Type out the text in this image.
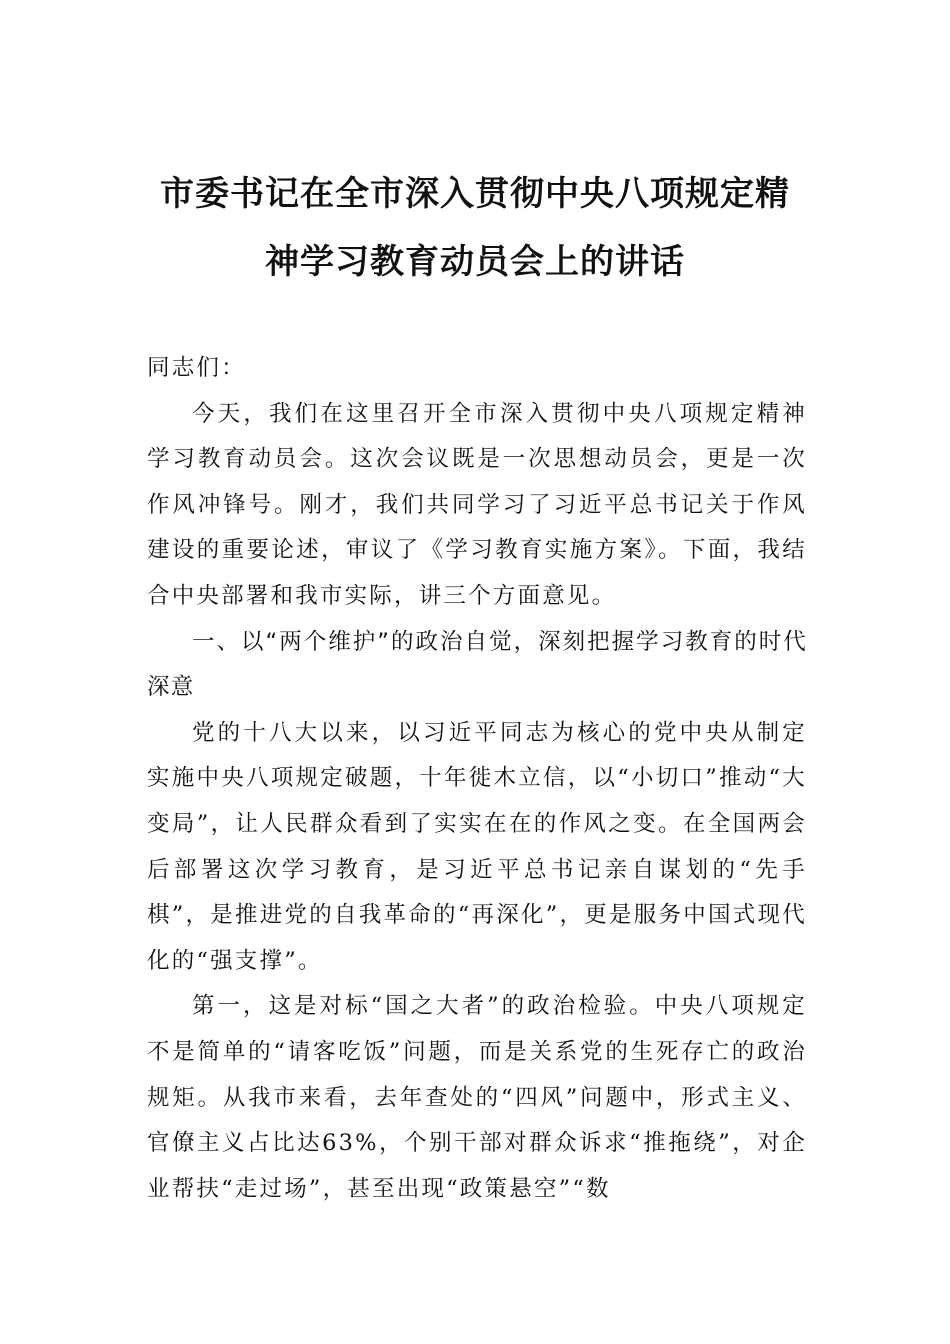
市委书记在全市深入贯彻中央八项规定精
神学习教育动员会上的讲话

同志们：

今天，我们在这里召开全市深入贯彻中央八项规定精神学习教育动员会。这次会议既是一次思想动员会，更是一次作风冲锋号。刚才，我们共同学习了习近平总书记关于作风建设的重要论述，审议了《学习教育实施方案》。下面，我结合中央部署和我市实际，讲三个方面意见。

一、以“两个维护”的政治自觉，深刻把握学习教育的时代深意

党的十八大以来，以习近平同志为核心的党中央从制定实施中央八项规定破题，十年徙木立信，以“小切口”推动“大变局”，让人民群众看到了实实在在的作风之变。在全国两会后部署这次学习教育，是习近平总书记亲自谋划的“先手棋”，是推进党的自我革命的“再深化”，更是服务中国式现代化的“强支撑”。

第一，这是对标“国之大者”的政治检验。中央八项规定不是简单的“请客吃饭”问题，而是关系党的生死存亡的政治规矩。从我市来看，去年查处的“四风”问题中，形式主义、官僚主义占比达63%，个别干部对群众诉求“推拖绕”，对企业帮扶“走过场”，甚至出现“政策悬空”“数
